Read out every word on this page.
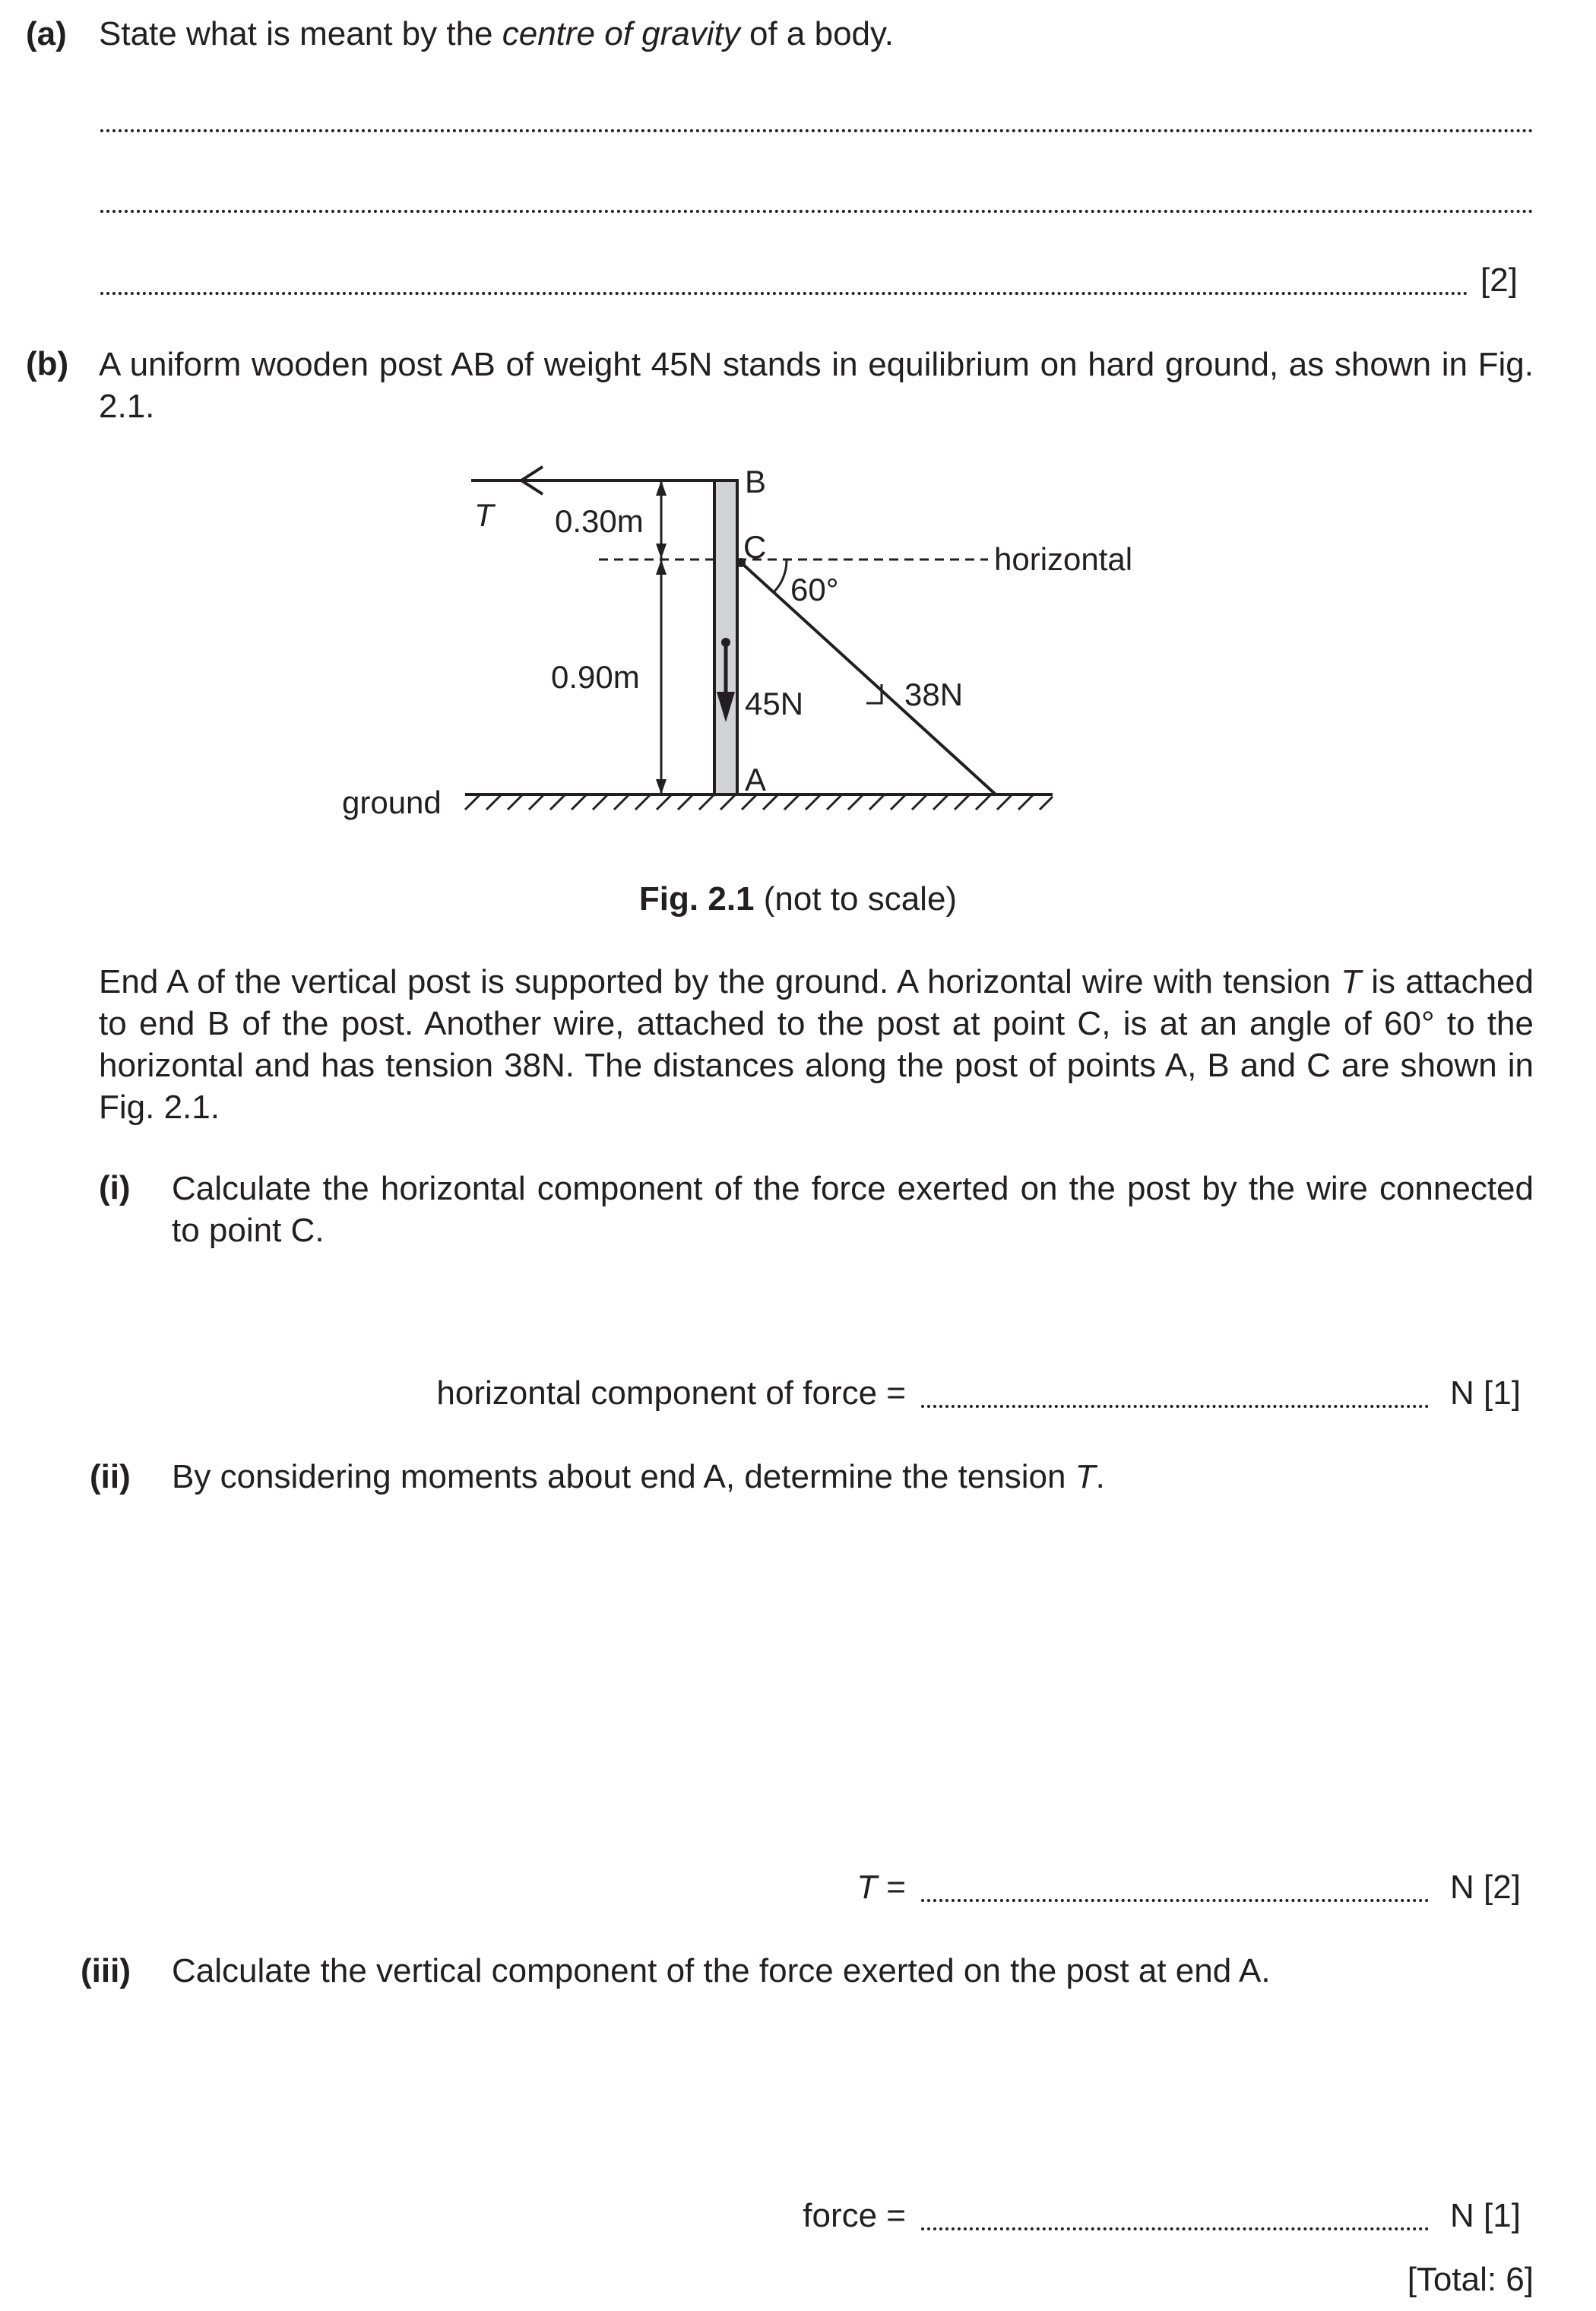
(a) State what is meant by the centre of gravity of a body.
[2]
(b) A uniform wooden post AB of weight 45N stands in equilibrium on hard ground, as shown in Fig. 2.1.
T 0.30m
0.90m
B
C
A
horizontal
60°
45N	38N
ground
Fig. 2.1 (not to scale)
End A of the vertical post is supported by the ground. A horizontal wire with tension T is attached to end B of the post. Another wire, attached to the post at point C, is at an angle of 60° to the horizontal and has tension 38N. The distances along the post of points A, B and C are shown in Fig. 2.1.
(i) Calculate the horizontal component of the force exerted on the post by the wire connected to point C.
horizontal component of force =	N [1]
(ii) By considering moments about end A, determine the tension T.
T =	N [2]
(iii) Calculate the vertical component of the force exerted on the post at end A.
force =	N [1]
[Total: 6]
